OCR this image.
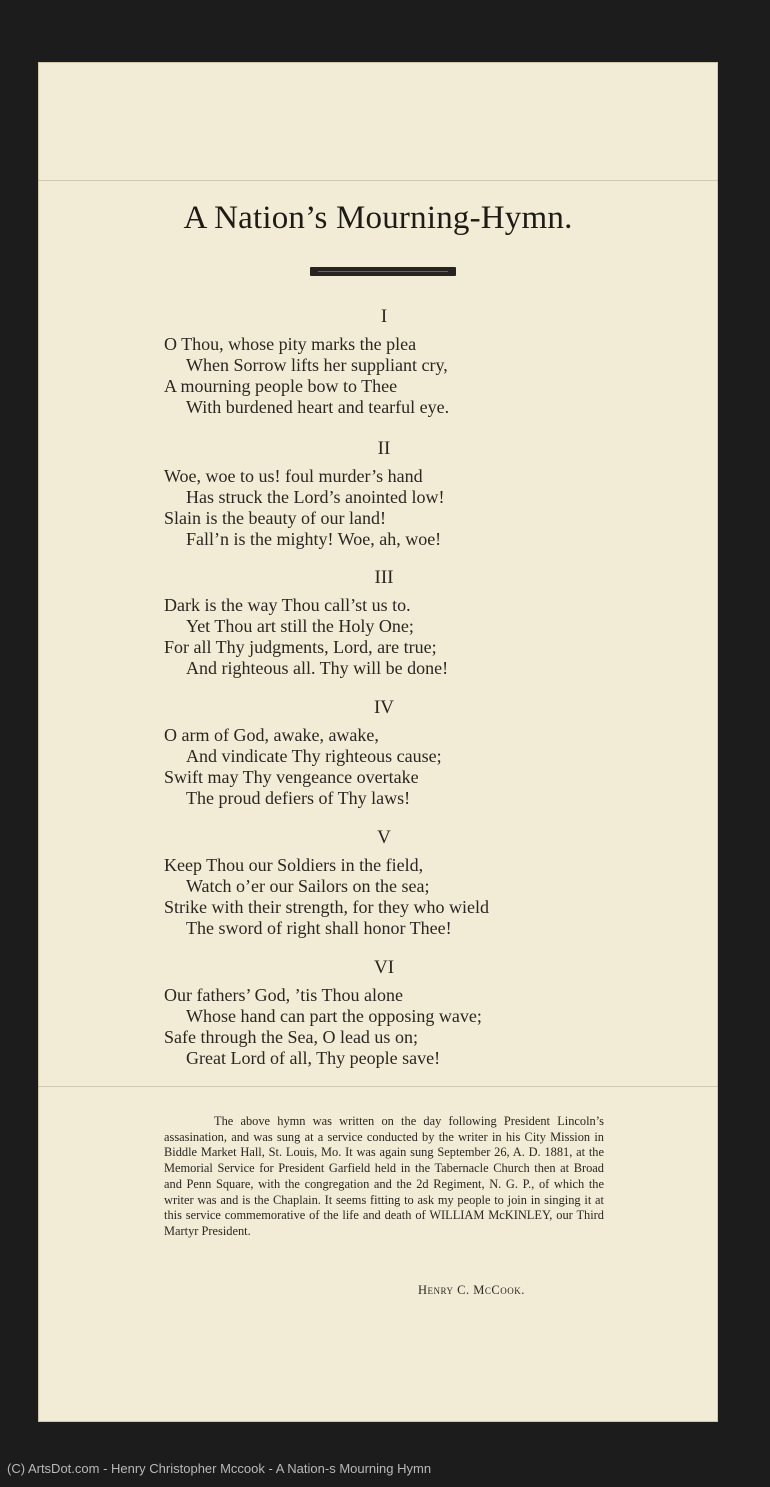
A Nation’s Mourning-Hymn.
I
O Thou, whose pity marks the plea
When Sorrow lifts her suppliant cry,
A mourning people bow to Thee
With burdened heart and tearful eye.
II
Woe, woe to us! foul murder’s hand
Has struck the Lord’s anointed low!
Slain is the beauty of our land!
Fall’n is the mighty! Woe, ah, woe!
III
Dark is the way Thou call’st us to.
Yet Thou art still the Holy One;
For all Thy judgments, Lord, are true;
And righteous all. Thy will be done!
IV
O arm of God, awake, awake,
And vindicate Thy righteous cause;
Swift may Thy vengeance overtake
The proud defiers of Thy laws!
V
Keep Thou our Soldiers in the field,
Watch o’er our Sailors on the sea;
Strike with their strength, for they who wield
The sword of right shall honor Thee!
VI
Our fathers’ God, ’tis Thou alone
Whose hand can part the opposing wave;
Safe through the Sea, O lead us on;
Great Lord of all, Thy people save!
The above hymn was written on the day following President Lincoln’s assasination, and was sung at a service conducted by the writer in his City Mission in Biddle Market Hall, St. Louis, Mo. It was again sung September 26, A. D. 1881, at the Memorial Service for President Garfield held in the Tabernacle Church then at Broad and Penn Square, with the congregation and the 2d Regiment, N. G. P., of which the writer was and is the Chaplain. It seems fitting to ask my people to join in singing it at this service commemorative of the life and death of WILLIAM McKINLEY, our Third Martyr President.
Henry C. McCook.
(C) ArtsDot.com - Henry Christopher Mccook - A Nation-s Mourning Hymn
